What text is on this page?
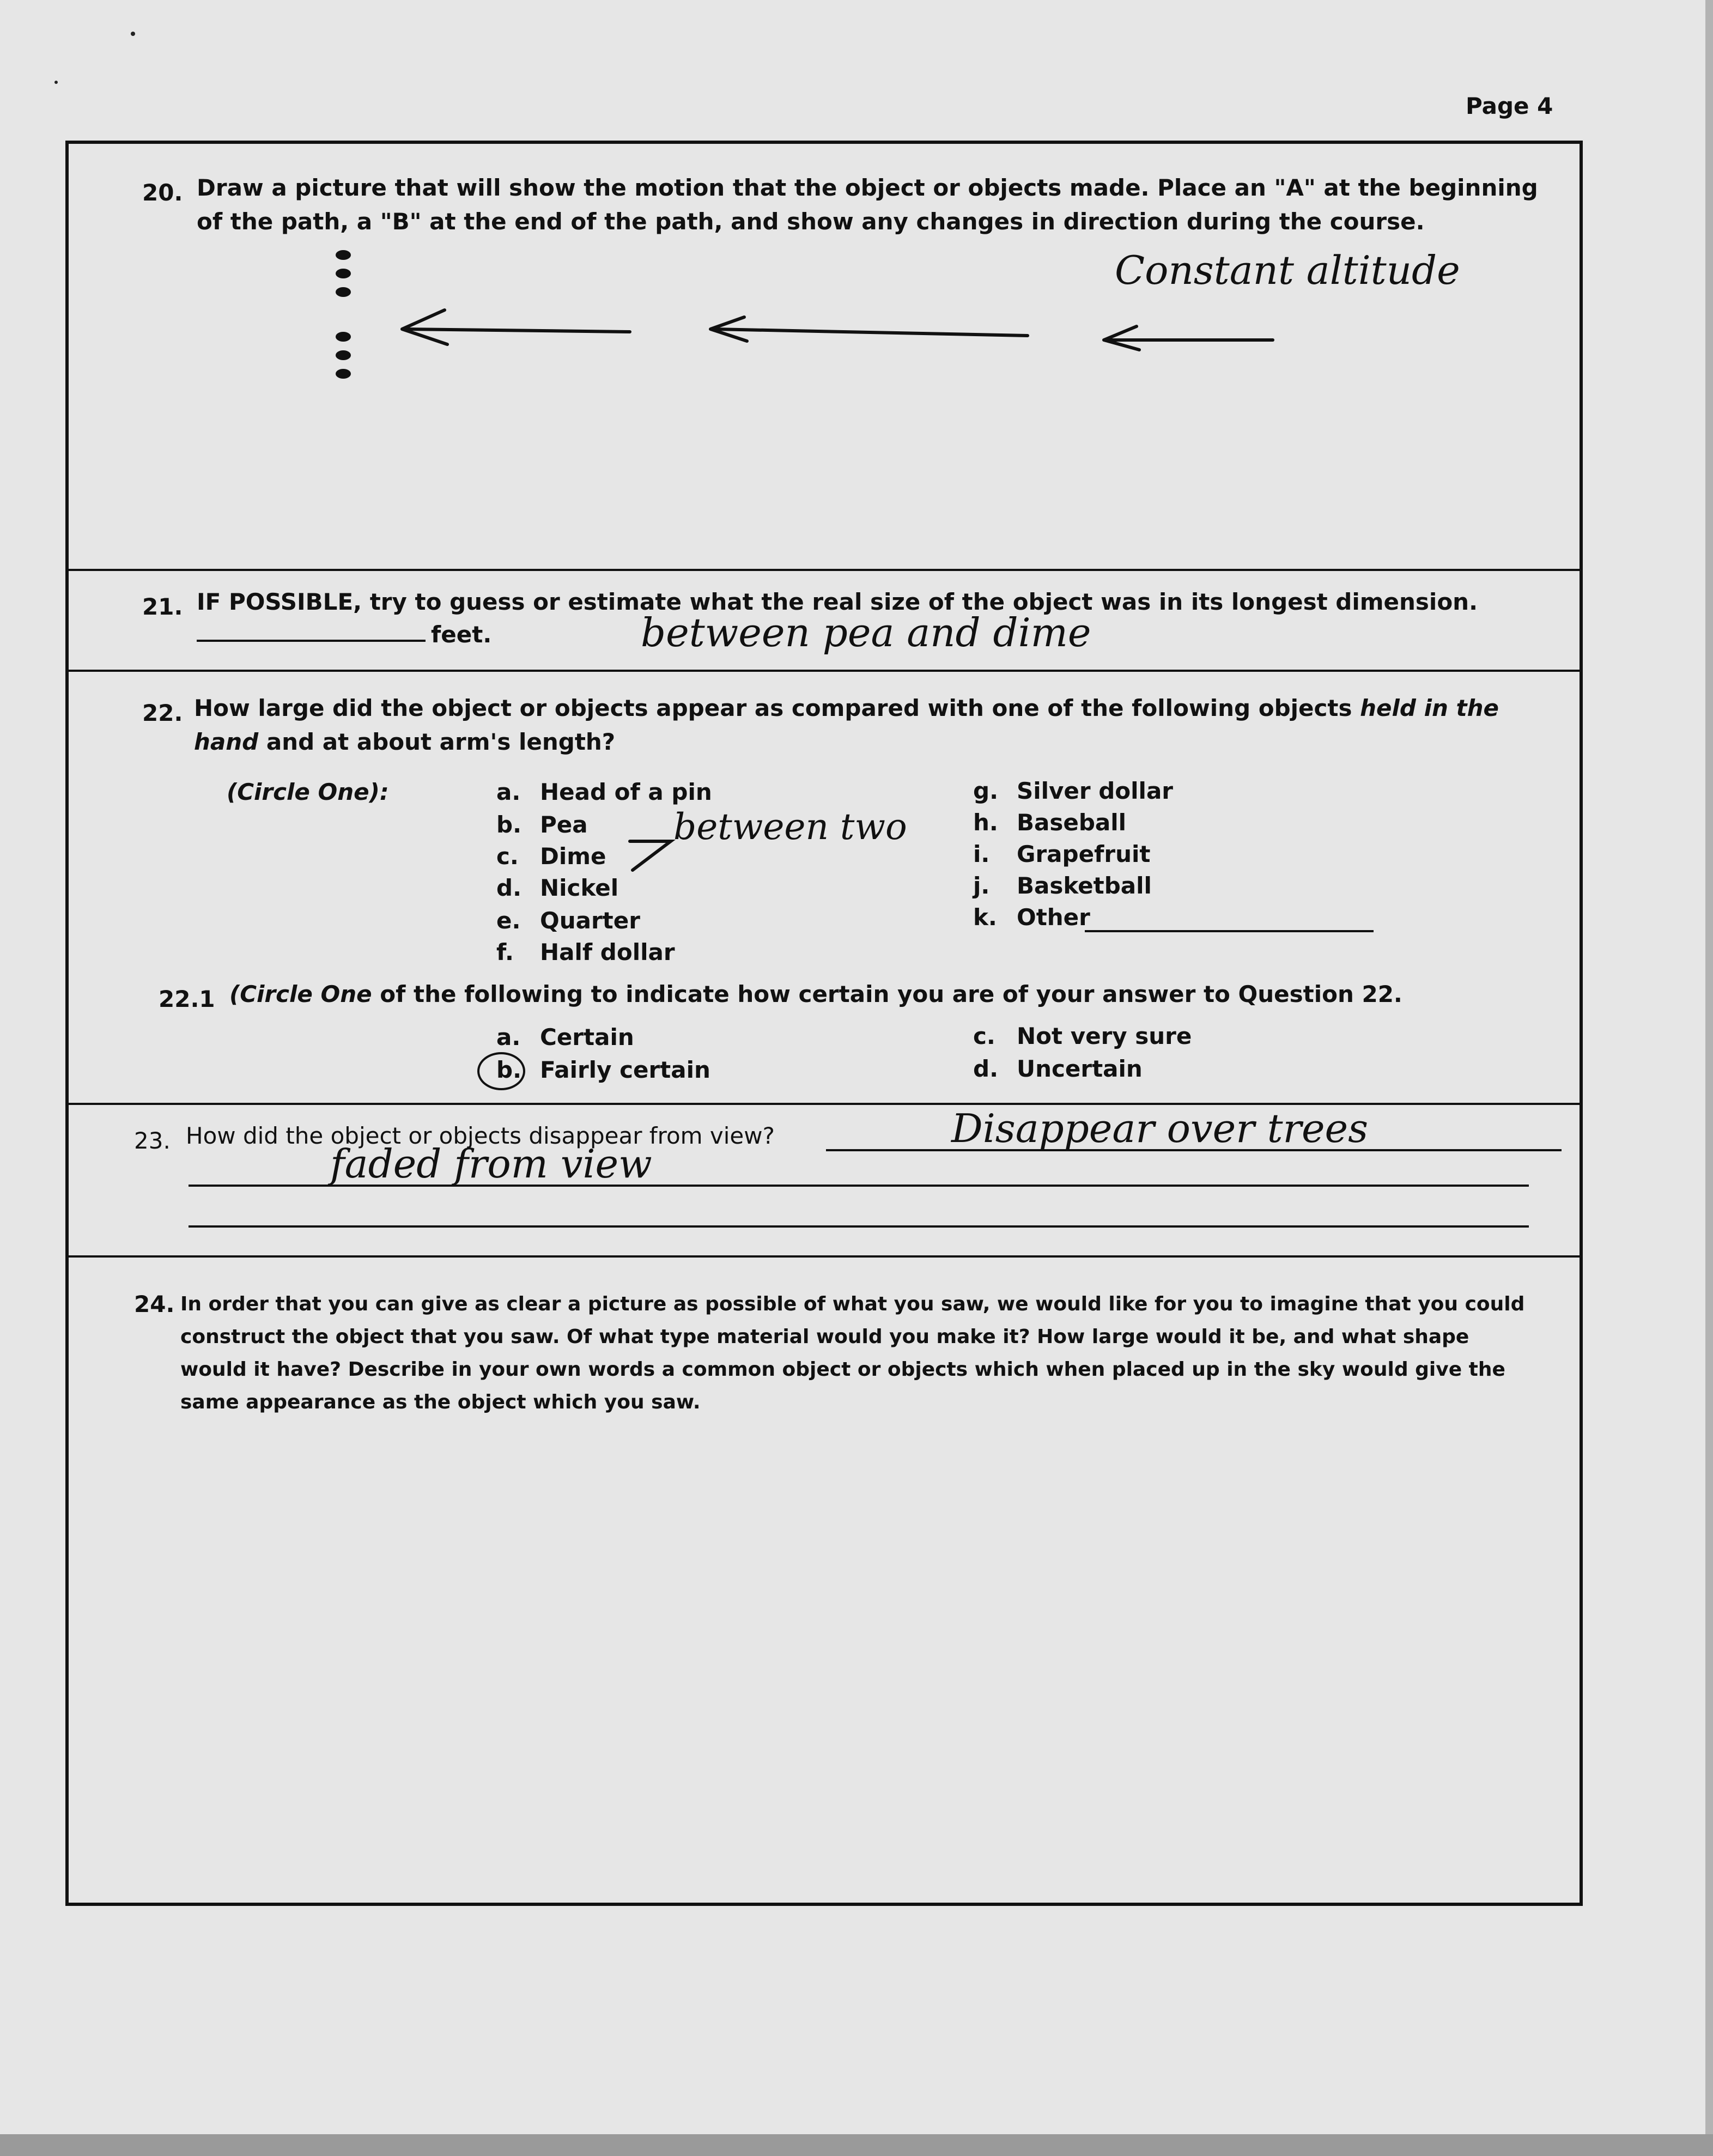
Page 4
20. Draw a picture that will show the motion that the object or objects made. Place an "A" at the beginning of the path, a "B" at the end of the path, and show any changes in direction during the course.
Constant altitude
21. IF POSSIBLE, try to guess or estimate what the real size of the object was in its longest dimension.
feet.	between pea and dime
22. How large did the object or objects appear as compared with one of the following objects held in the hand and at about arm's length?
(Circle One):	a. Head of a pin
b. Pea
c. Dime
d. Nickel
e. Quarter
f. Half dollar
g. Silver dollar
h. Baseball
i. Grapefruit
j. Basketball
k. Other
between two
22.1 (Circle One of the following to indicate how certain you are of your answer to Question 22.
a. Certain
b. Fairly certain
c. Not very sure
d. Uncertain
23. How did the object or objects disappear from view?	Disappear over trees
faded from view
24. In order that you can give as clear a picture as possible of what you saw, we would like for you to imagine that you could construct the object that you saw. Of what type material would you make it? How large would it be, and what shape would it have? Describe in your own words a common object or objects which when placed up in the sky would give the same appearance as the object which you saw.
